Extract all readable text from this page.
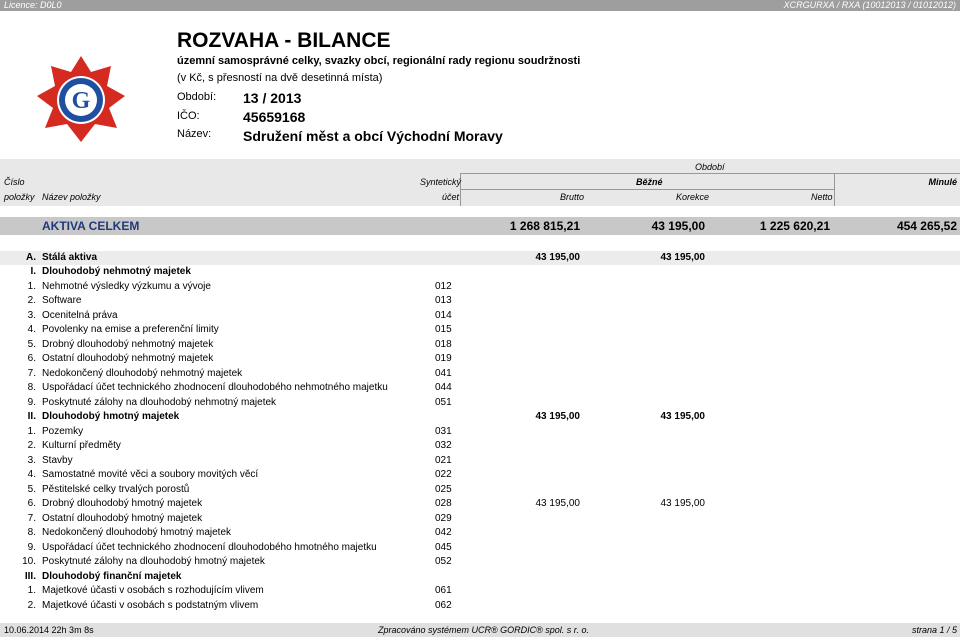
Licence: D0L0	XCRGURXA / RXA (10012013 / 01012012)
G
ROZVAHA - BILANCE
územní samosprávné celky, svazky obcí, regionální rady regionu soudržnosti
(v Kč, s přesností na dvě desetinná místa)
Období: 13 / 2013
IČO:	45659168
Název: Sdružení měst a obcí Východní Moravy
Období
Číslo	Syntetický	Běžné	Minulé
položky Název položky	účet	Brutto	Korekce	Netto
AKTIVA CELKEM	1 268 815,21	43 195,00	1 225 620,21	454 265,52
A. Stálá aktiva	43 195,00	43 195,00
I. Dlouhodobý nehmotný majetek
1. Nehmotné výsledky výzkumu a vývoje	012
2. Software	013
3. Ocenitelná práva	014
4. Povolenky na emise a preferenční limity	015
5. Drobný dlouhodobý nehmotný majetek	018
6. Ostatní dlouhodobý nehmotný majetek	019
7. Nedokončený dlouhodobý nehmotný majetek	041
8. Uspořádací účet technického zhodnocení dlouhodobého nehmotného majetku	044
9. Poskytnuté zálohy na dlouhodobý nehmotný majetek	051
II. Dlouhodobý hmotný majetek	43 195,00	43 195,00
1. Pozemky	031
2. Kulturní předměty	032
3. Stavby	021
4. Samostatné movité věci a soubory movitých věcí	022
5. Pěstitelské celky trvalých porostů	025
6. Drobný dlouhodobý hmotný majetek	028	43 195,00	43 195,00
7. Ostatní dlouhodobý hmotný majetek	029
8. Nedokončený dlouhodobý hmotný majetek	042
9. Uspořádací účet technického zhodnocení dlouhodobého hmotného majetku	045
10. Poskytnuté zálohy na dlouhodobý hmotný majetek	052
III. Dlouhodobý finanční majetek
1. Majetkové účasti v osobách s rozhodujícím vlivem	061
2. Majetkové účasti v osobách s podstatným vlivem	062
10.06.2014 22h 3m 8s	Zpracováno systémem UCR® GORDIC® spol. s r. o.	strana 1 / 5
